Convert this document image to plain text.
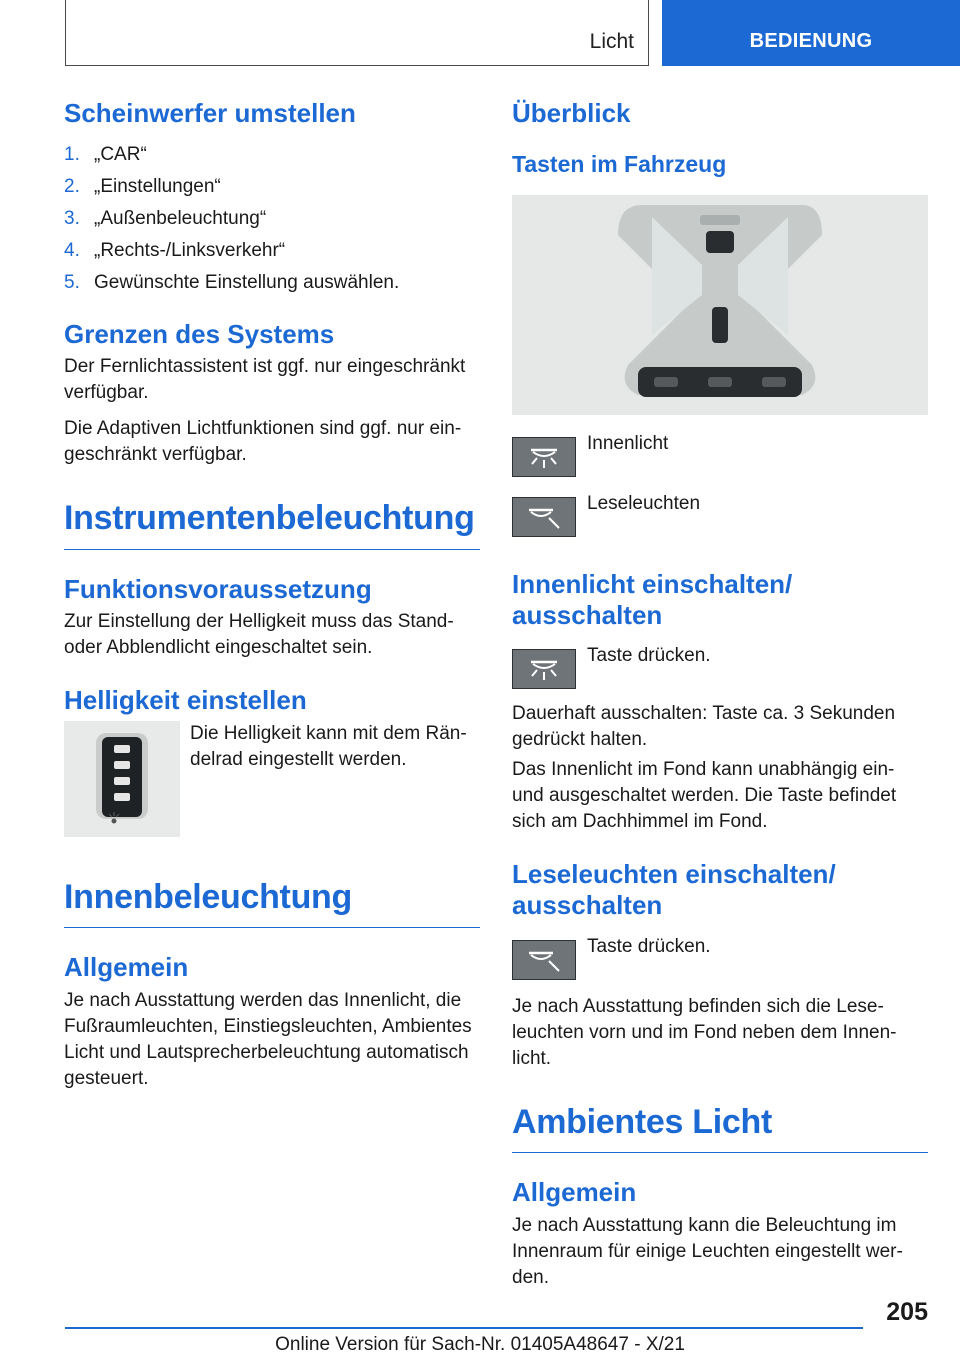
Licht	BEDIENUNG
Scheinwerfer umstellen
1. „CAR“
2. „Einstellungen“
3. „Außenbeleuchtung“
4. „Rechts-/Linksverkehr“
5. Gewünschte Einstellung auswählen.
Grenzen des Systems

Der Fernlichtassistent ist ggf. nur eingeschränkt verfügbar.

Die Adaptiven Lichtfunktionen sind ggf. nur eingeschränkt verfügbar.

Instrumentenbeleuchtung
Funktionsvoraussetzung

Zur Einstellung der Helligkeit muss das Stand- oder Abblendlicht eingeschaltet sein.

Helligkeit einstellen

Die Helligkeit kann mit dem Rändelrad eingestellt werden.

Innenbeleuchtung
Allgemein

Je nach Ausstattung werden das Innenlicht, die Fußraumleuchten, Einstiegsleuchten, Ambientes Licht und Lautsprecherbeleuchtung automatisch gesteuert.

Überblick
Tasten im Fahrzeug
Innenlicht
Leseleuchten
Innenlicht einschalten/ ausschalten
Taste drücken.

Dauerhaft ausschalten: Taste ca. 3 Sekunden gedrückt halten.

Das Innenlicht im Fond kann unabhängig ein- und ausgeschaltet werden. Die Taste befindet sich am Dachhimmel im Fond.

Leseleuchten einschalten/ ausschalten
Taste drücken.

Je nach Ausstattung befinden sich die Leseleuchten vorn und im Fond neben dem Innenlicht.

Ambientes Licht
Allgemein

Je nach Ausstattung kann die Beleuchtung im Innenraum für einige Leuchten eingestellt werden.

205
Online Version für Sach-Nr. 01405A48647 - X/21
